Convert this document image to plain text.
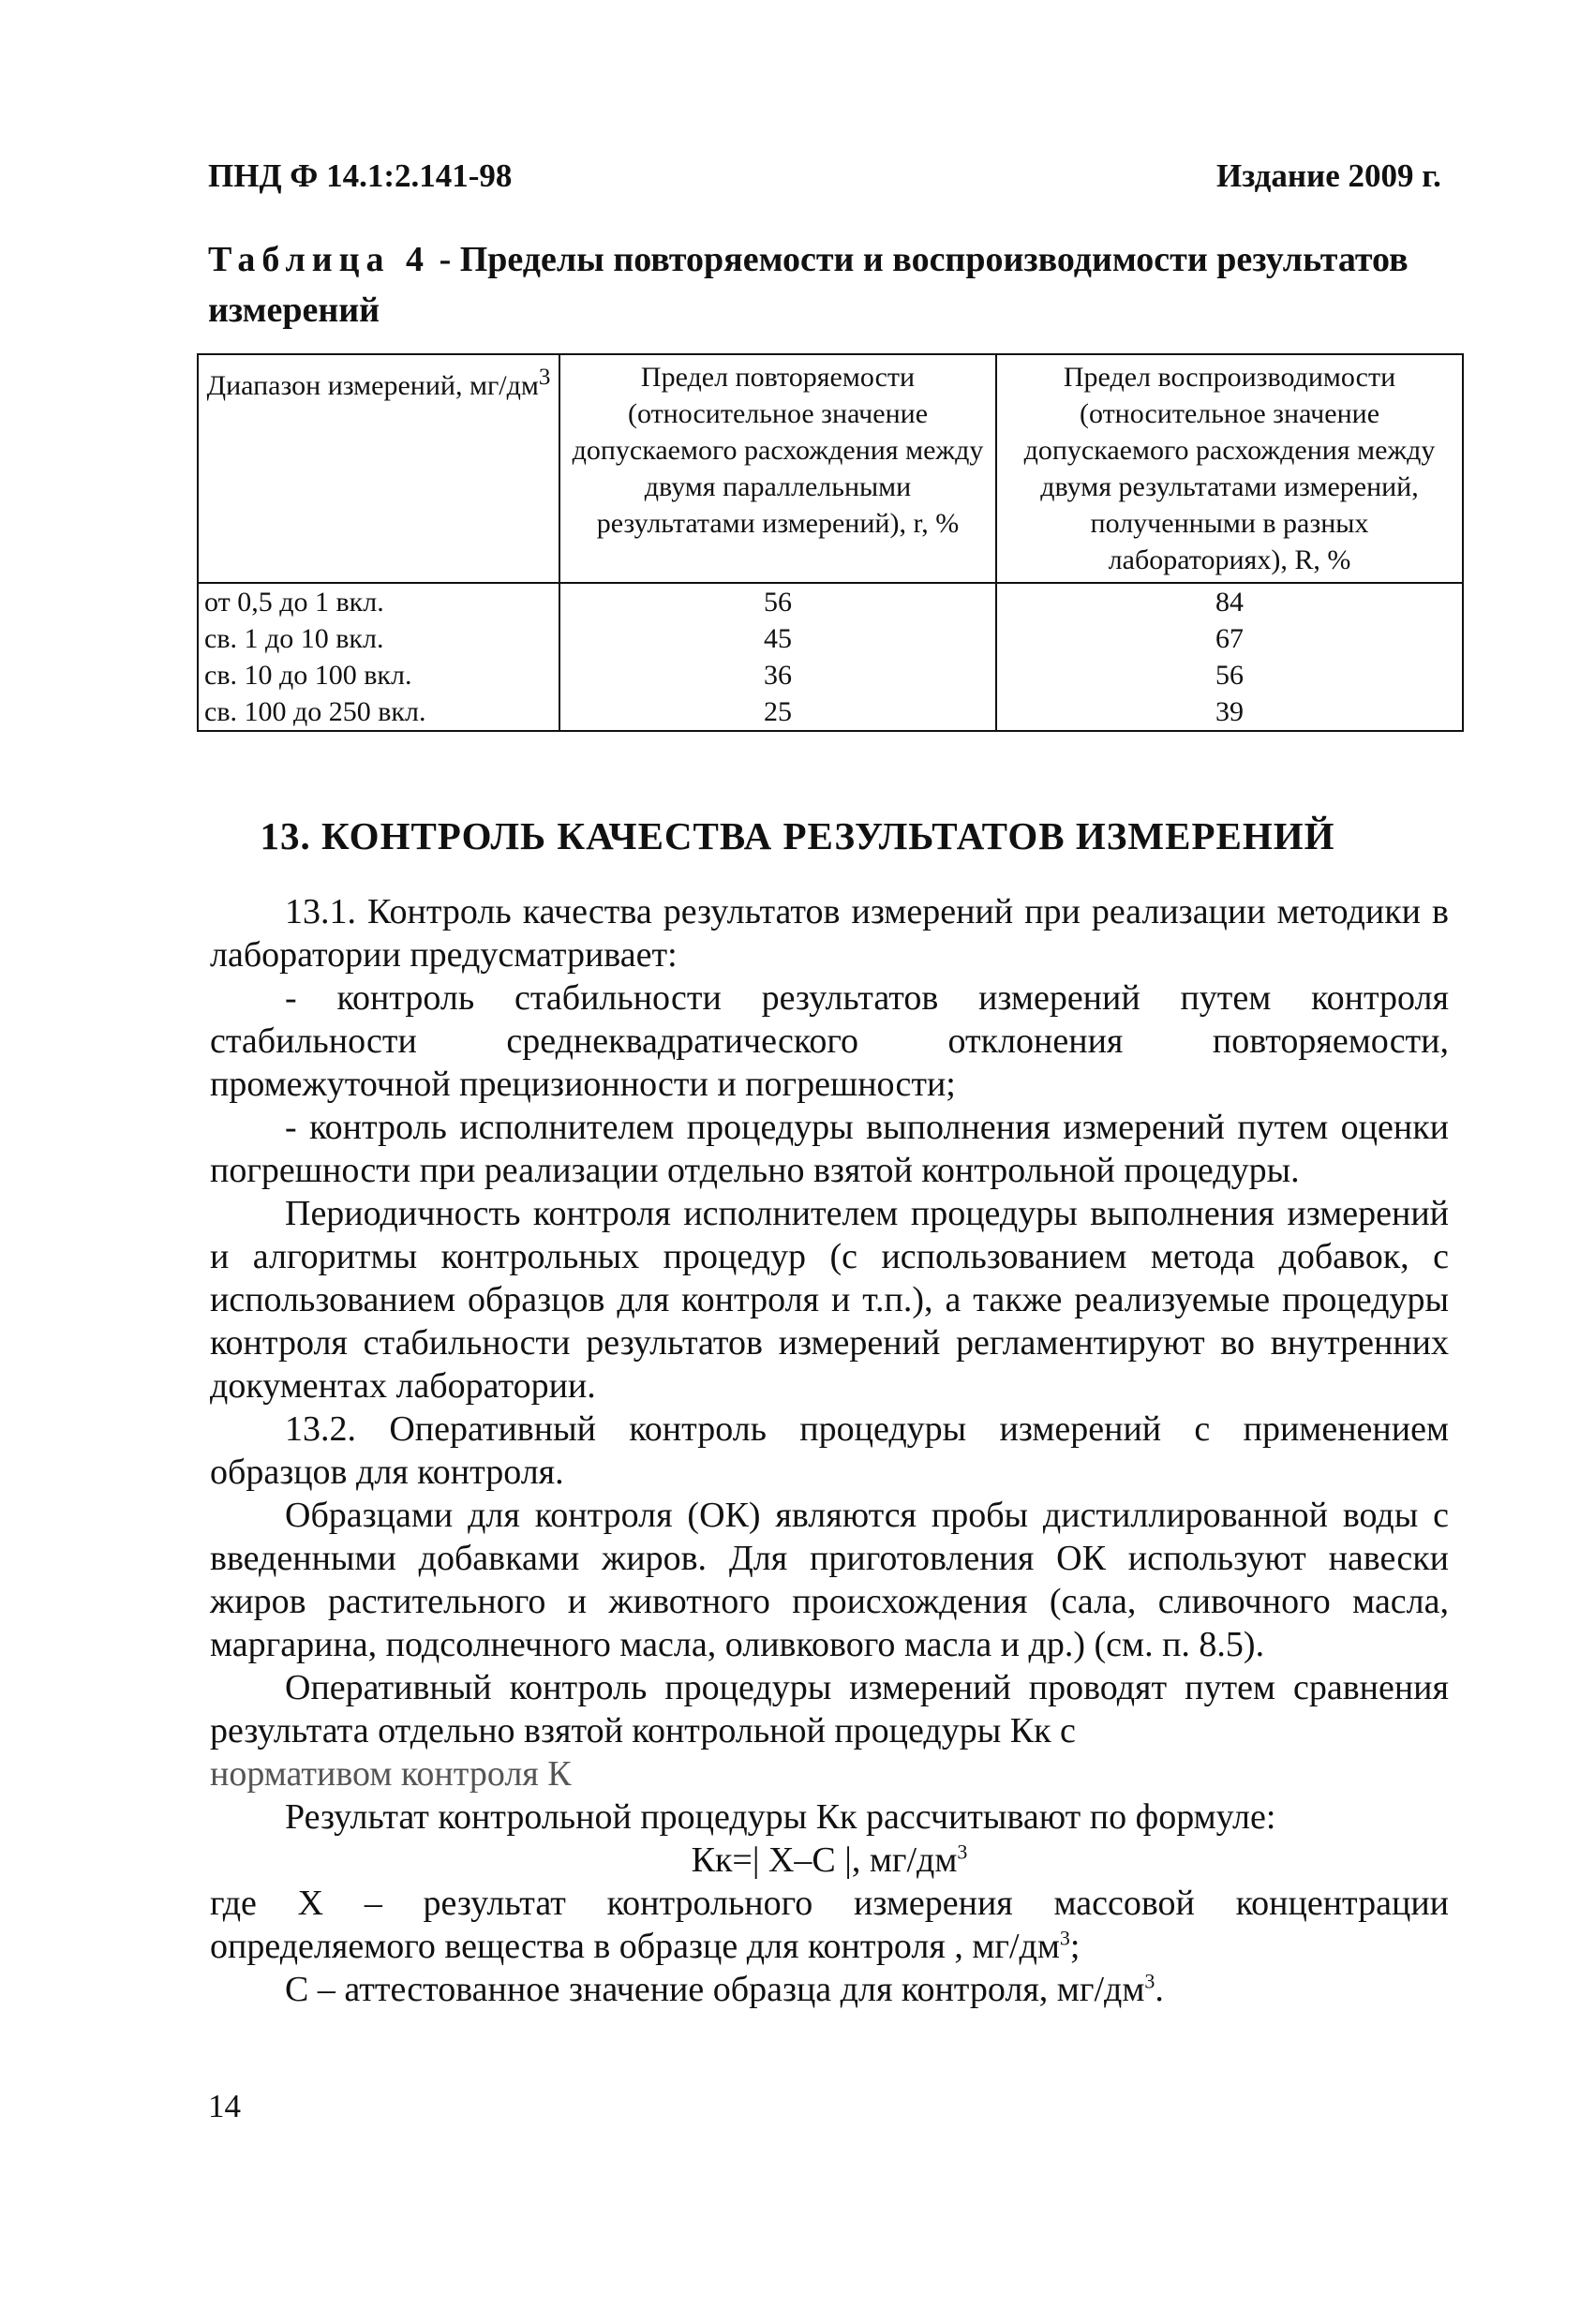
ПНД Ф 14.1:2.141-98	Издание 2009 г.
Таблица 4 - Пределы повторяемости и воспроизводимости результатов измерений
Диапазон измерений, $мг/дм^3$	Предел повторяемости (относительное значение допускаемого расхождения между двумя параллельными результатами измерений), r, %	Предел воспроизводимости (относительное значение допускаемого расхождения между двумя результатами измерений, полученными в разных лабораториях), R, %
от 0,5 до 1 вкл.	56	84
св. 1 до 10 вкл.	45	67
св. 10 до 100 вкл.	36	56
св. 100 до 250 вкл.	25	39
13. КОНТРОЛЬ КАЧЕСТВА РЕЗУЛЬТАТОВ ИЗМЕРЕНИЙ

13.1. Контроль качества результатов измерений при реализации методики в лаборатории предусматривает:

- контроль стабильности результатов измерений путем контроля стабильности среднеквадратического отклонения повторяемости, промежуточной прецизионности и погрешности;

- контроль исполнителем процедуры выполнения измерений путем оценки погрешности при реализации отдельно взятой контрольной процедуры.

Периодичность контроля исполнителем процедуры выполнения измерений и алгоритмы контрольных процедур (с использованием метода добавок, с использованием образцов для контроля и т.п.), а также реализуемые процедуры контроля стабильности результатов измерений регламентируют во внутренних документах лаборатории.

13.2. Оперативный контроль процедуры измерений с применением образцов для контроля.

Образцами для контроля (ОК) являются пробы дистиллированной воды с введенными добавками жиров. Для приготовления ОК используют навески жиров растительного и животного происхождения (сала, сливочного масла, маргарина, подсолнечного масла, оливкового масла и др.) (см. п. 8.5).

Оперативный контроль процедуры измерений проводят путем сравнения результата отдельно взятой контрольной процедуры Кк с

нормативом контроля К

Результат контрольной процедуры Кк рассчитывают по формуле:

Кк=| X–C |, $мг/дм^3$

где X – результат контрольного измерения массовой концентрации определяемого вещества в образце для контроля , $мг/дм^3$;

C – аттестованное значение образца для контроля, $мг/дм^3$.

14
